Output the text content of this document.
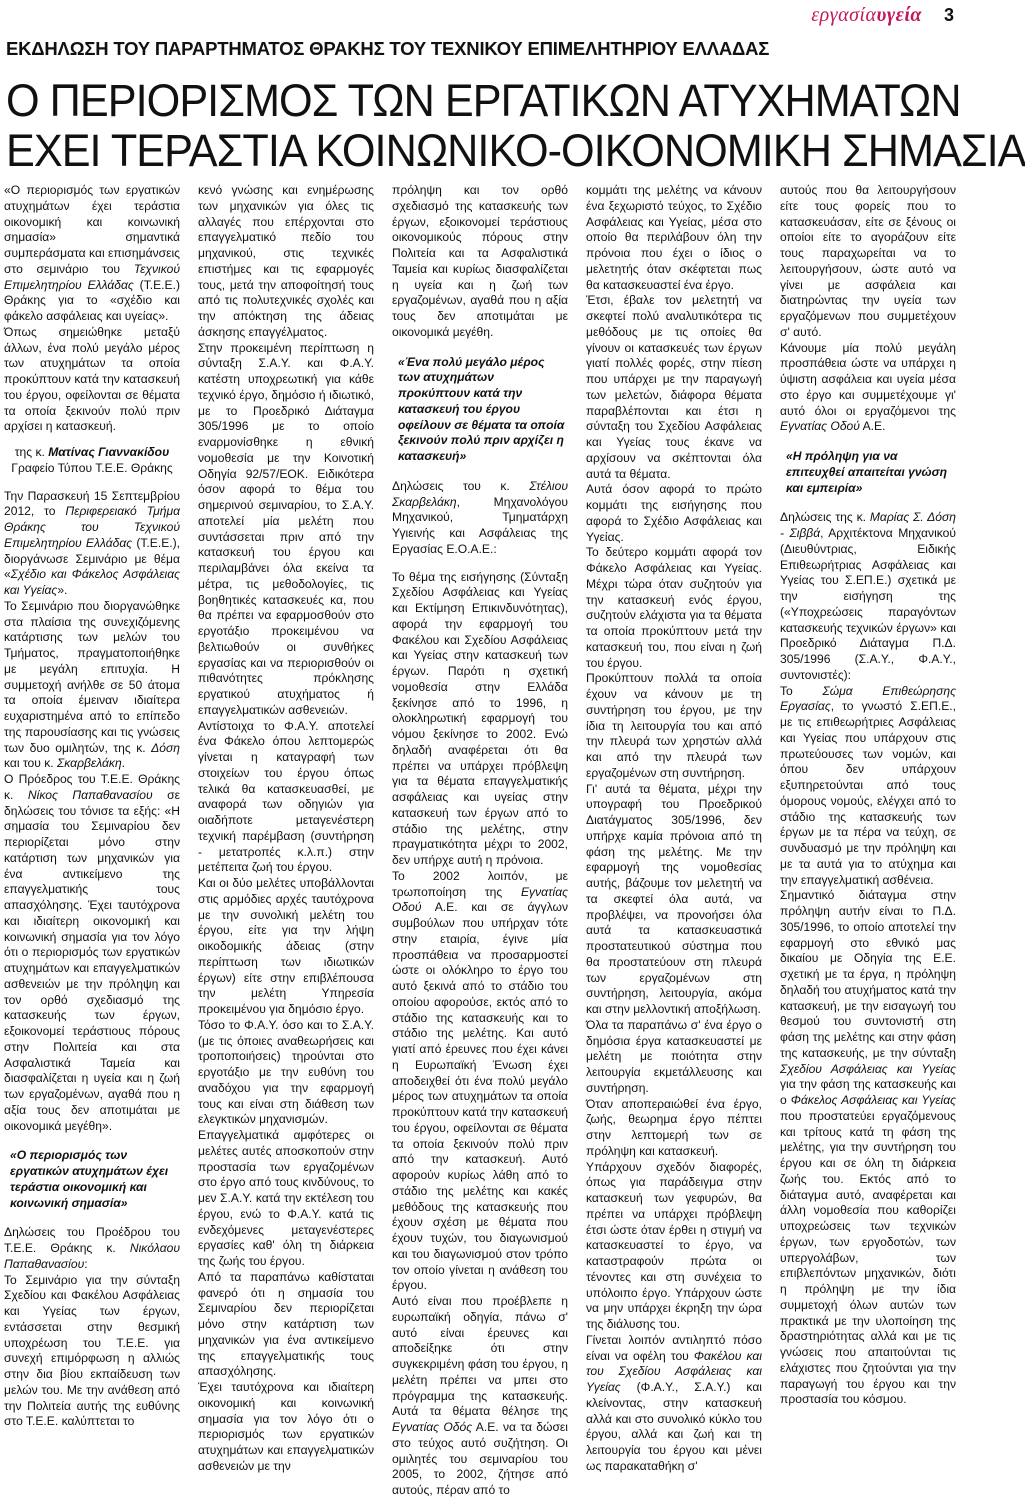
εργασίαυγεία 3
ΕΚΔΗΛΩΣΗ ΤΟΥ ΠΑΡΑΡΤΗΜΑΤΟΣ ΘΡΑΚΗΣ ΤΟΥ ΤΕΧΝΙΚΟΥ ΕΠΙΜΕΛΗΤΗΡΙΟΥ ΕΛΛΑΔΑΣ
Ο ΠΕΡΙΟΡΙΣΜΟΣ ΤΩΝ ΕΡΓΑΤΙΚΩΝ ΑΤΥΧΗΜΑΤΩΝ
ΕΧΕΙ ΤΕΡΑΣΤΙΑ ΚΟΙΝΩΝΙΚΟ-ΟΙΚΟΝΟΜΙΚΗ ΣΗΜΑΣΙΑ

«Ο περιορισμός των εργατικών ατυχημάτων έχει τεράστια οικονομική και κοινωνική σημασία» σημαντικά συμπεράσματα και επισημάνσεις στο σεμινάριο του Τεχνικού Επιμελητηρίου Ελλάδας (Τ.Ε.Ε.) Θράκης για το «σχέδιο και φάκελο ασφάλειας και υγείας».

Όπως σημειώθηκε μεταξύ άλλων, ένα πολύ μεγάλο μέρος των ατυχημάτων τα οποία προκύπτουν κατά την κατασκευή του έργου, οφείλονται σε θέματα τα οποία ξεκινούν πολύ πριν αρχίσει η κατασκευή.

της κ. Ματίνας Γιαννακίδου
Γραφείο Τύπου Τ.Ε.Ε. Θράκης

Την Παρασκευή 15 Σεπτεμβρίου 2012, το Περιφερειακό Τμήμα Θράκης του Τεχνικού Επιμελητηρίου Ελλάδας (Τ.Ε.Ε.), διοργάνωσε Σεμινάριο με θέμα «Σχέδιο και Φάκελος Ασφάλειας και Υγείας».

Το Σεμινάριο που διοργανώθηκε στα πλαίσια της συνεχιζόμενης κατάρτισης των μελών του Τμήματος, πραγματοποιήθηκε με μεγάλη επιτυχία. Η συμμετοχή ανήλθε σε 50 άτομα τα οποία έμειναν ιδιαίτερα ευχαριστημένα από το επίπεδο της παρουσίασης και τις γνώσεις των δυο ομιλητών, της κ. Δόση και του κ. Σκαρβελάκη.

Ο Πρόεδρος του Τ.Ε.Ε. Θράκης κ. Νίκος Παπαθανασίου σε δηλώσεις του τόνισε τα εξής: «Η σημασία του Σεμιναρίου δεν περιορίζεται μόνο στην κατάρτιση των μηχανικών για ένα αντικείμενο της επαγγελματικής τους απασχόλησης. Έχει ταυτόχρονα και ιδιαίτερη οικονομική και κοινωνική σημασία για τον λόγο ότι ο περιορισμός των εργατικών ατυχημάτων και επαγγελματικών ασθενειών με την πρόληψη και τον ορθό σχεδιασμό της κατασκευής των έργων, εξοικονομεί τεράστιους πόρους στην Πολιτεία και στα Ασφαλιστικά Ταμεία και διασφαλίζεται η υγεία και η ζωή των εργαζομένων, αγαθά που η αξία τους δεν αποτιμάται με οικονομικά μεγέθη».

«Ο περιορισμός των εργατικών ατυχημάτων έχει τεράστια οικονομική και κοινωνική σημασία»

Δηλώσεις του Προέδρου του Τ.Ε.Ε. Θράκης κ. Νικόλαου Παπαθανασίου:

Το Σεμινάριο για την σύνταξη Σχεδίου και Φακέλου Ασφάλειας και Υγείας των έργων, εντάσσεται στην θεσμική υποχρέωση του Τ.Ε.Ε. για συνεχή επιμόρφωση η αλλιώς στην δια βίου εκπαίδευση των μελών του. Με την ανάθεση από την Πολιτεία αυτής της ευθύνης στο Τ.Ε.Ε. καλύπτεται το

κενό γνώσης και ενημέρωσης των μηχανικών για όλες τις αλλαγές που επέρχονται στο επαγγελματικό πεδίο του μηχανικού, στις τεχνικές επιστήμες και τις εφαρμογές τους, μετά την αποφοίτησή τους από τις πολυτεχνικές σχολές και την απόκτηση της άδειας άσκησης επαγγέλματος.

Στην προκειμένη περίπτωση η σύνταξη Σ.Α.Υ. και Φ.Α.Υ. κατέστη υποχρεωτική για κάθε τεχνικό έργο, δημόσιο ή ιδιωτικό, με το Προεδρικό Διάταγμα 305/1996 με το οποίο εναρμονίσθηκε η εθνική νομοθεσία με την Κοινοτική Οδηγία 92/57/ΕΟΚ. Ειδικότερα όσον αφορά το θέμα του σημερινού σεμιναρίου, το Σ.Α.Υ. αποτελεί μία μελέτη που συντάσσεται πριν από την κατασκευή του έργου και περιλαμβάνει όλα εκείνα τα μέτρα, τις μεθοδολογίες, τις βοηθητικές κατασκευές κα, που θα πρέπει να εφαρμοσθούν στο εργοτάξιο προκειμένου να βελτιωθούν οι συνθήκες εργασίας και να περιορισθούν οι πιθανότητες πρόκλησης εργατικού ατυχήματος ή επαγγελματικών ασθενειών.

Αντίστοιχα το Φ.Α.Υ. αποτελεί ένα Φάκελο όπου λεπτομερώς γίνεται η καταγραφή των στοιχείων του έργου όπως τελικά θα κατασκευασθεί, με αναφορά των οδηγιών για οιαδήποτε μεταγενέστερη τεχνική παρέμβαση (συντήρηση - μετατροπές κ.λ.π.) στην μετέπειτα ζωή του έργου.

Και οι δύο μελέτες υποβάλλονται στις αρμόδιες αρχές ταυτόχρονα με την συνολική μελέτη του έργου, είτε για την λήψη οικοδομικής άδειας (στην περίπτωση των ιδιωτικών έργων) είτε στην επιβλέπουσα την μελέτη Υπηρεσία προκειμένου για δημόσιο έργο.

Τόσο το Φ.Α.Υ. όσο και το Σ.Α.Υ. (με τις όποιες αναθεωρήσεις και τροποποιήσεις) τηρούνται στο εργοτάξιο με την ευθύνη του αναδόχου για την εφαρμογή τους και είναι στη διάθεση των ελεγκτικών μηχανισμών.

Επαγγελματικά αμφότερες οι μελέτες αυτές αποσκοπούν στην προστασία των εργαζομένων στο έργο από τους κινδύνους, το μεν Σ.Α.Υ. κατά την εκτέλεση του έργου, ενώ το Φ.Α.Υ. κατά τις ενδεχόμενες μεταγενέστερες εργασίες καθ' όλη τη διάρκεια της ζωής του έργου.

Από τα παραπάνω καθίσταται φανερό ότι η σημασία του Σεμιναρίου δεν περιορίζεται μόνο στην κατάρτιση των μηχανικών για ένα αντικείμενο της επαγγελματικής τους απασχόλησης.

Έχει ταυτόχρονα και ιδιαίτερη οικονομική και κοινωνική σημασία για τον λόγο ότι ο περιορισμός των εργατικών ατυχημάτων και επαγγελματικών ασθενειών με την

πρόληψη και τον ορθό σχεδιασμό της κατασκευής των έργων, εξοικονομεί τεράστιους οικονομικούς πόρους στην Πολιτεία και τα Ασφαλιστικά Ταμεία και κυρίως διασφαλίζεται η υγεία και η ζωή των εργαζομένων, αγαθά που η αξία τους δεν αποτιμάται με οικονομικά μεγέθη.

«Ένα πολύ μεγάλο μέρος των ατυχημάτων προκύπτουν κατά την κατασκευή του έργου οφείλουν σε θέματα τα οποία ξεκινούν πολύ πριν αρχίζει η κατασκευή»

Δηλώσεις του κ. Στέλιου Σκαρβελάκη, Μηχανολόγου Μηχανικού, Τμηματάρχη Υγιεινής και Ασφάλειας της Εργασίας Ε.Ο.Α.Ε.:

Το θέμα της εισήγησης (Σύνταξη Σχεδίου Ασφάλειας και Υγείας και Εκτίμηση Επικινδυνότητας), αφορά την εφαρμογή του Φακέλου και Σχεδίου Ασφάλειας και Υγείας στην κατασκευή των έργων. Παρότι η σχετική νομοθεσία στην Ελλάδα ξεκίνησε από το 1996, η ολοκληρωτική εφαρμογή του νόμου ξεκίνησε το 2002. Ενώ δηλαδή αναφέρεται ότι θα πρέπει να υπάρχει πρόβλεψη για τα θέματα επαγγελματικής ασφάλειας και υγείας στην κατασκευή των έργων από το στάδιο της μελέτης, στην πραγματικότητα μέχρι το 2002, δεν υπήρχε αυτή η πρόνοια.

Το 2002 λοιπόν, με τρωποποίηση της Εγνατίας Οδού Α.Ε. και σε άγγλων συμβούλων που υπήρχαν τότε στην εταιρία, έγινε μία προσπάθεια να προσαρμοστεί ώστε οι ολόκληρο το έργο του αυτό ξεκινά από το στάδιο του οποίου αφορούσε, εκτός από το στάδιο της κατασκευής και το στάδιο της μελέτης. Και αυτό γιατί από έρευνες που έχει κάνει η Ευρωπαϊκή Ένωση έχει αποδειχθεί ότι ένα πολύ μεγάλο μέρος των ατυχημάτων τα οποία προκύπτουν κατά την κατασκευή του έργου, οφείλονται σε θέματα τα οποία ξεκινούν πολύ πριν από την κατασκευή. Αυτό αφορούν κυρίως λάθη από το στάδιο της μελέτης και κακές μεθόδους της κατασκευής που έχουν σχέση με θέματα που έχουν τυχών, του διαγωνισμού και του διαγωνισμού στον τρόπο τον οποίο γίνεται η ανάθεση του έργου.

Αυτό είναι που προέβλεπε η ευρωπαϊκή οδηγία, πάνω σ' αυτό είναι έρευνες και αποδείξηκε ότι στην συγκεκριμένη φάση του έργου, η μελέτη πρέπει να μπει στο πρόγραμμα της κατασκευής. Αυτά τα θέματα θέλησε της Εγνατίας Οδός Α.Ε. να τα δώσει στο τεύχος αυτό συζήτηση. Οι ομιλητές του σεμιναρίου του 2005, το 2002, ζήτησε από αυτούς, πέραν από το

κομμάτι της μελέτης να κάνουν ένα ξεχωριστό τεύχος, το Σχέδιο Ασφάλειας και Υγείας, μέσα στο οποίο θα περιλάβουν όλη την πρόνοια που έχει ο ίδιος ο μελετητής όταν σκέφτεται πως θα κατασκευαστεί ένα έργο.

Έτσι, έβαλε τον μελετητή να σκεφτεί πολύ αναλυτικότερα τις μεθόδους με τις οποίες θα γίνουν οι κατασκευές των έργων γιατί πολλές φορές, στην πίεση που υπάρχει με την παραγωγή των μελετών, διάφορα θέματα παραβλέπονται και έτσι η σύνταξη του Σχεδίου Ασφάλειας και Υγείας τους έκανε να αρχίσουν να σκέπτονται όλα αυτά τα θέματα.

Αυτά όσον αφορά το πρώτο κομμάτι της εισήγησης που αφορά το Σχέδιο Ασφάλειας και Υγείας.

Το δεύτερο κομμάτι αφορά τον Φάκελο Ασφάλειας και Υγείας. Μέχρι τώρα όταν συζητούν για την κατασκευή ενός έργου, συζητούν ελάχιστα για τα θέματα τα οποία προκύπτουν μετά την κατασκευή του, που είναι η ζωή του έργου.

Προκύπτουν πολλά τα οποία έχουν να κάνουν με τη συντήρηση του έργου, με την ίδια τη λειτουργία του και από την πλευρά των χρηστών αλλά και από την πλευρά των εργαζομένων στη συντήρηση.

Γι' αυτά τα θέματα, μέχρι την υπογραφή του Προεδρικού Διατάγματος 305/1996, δεν υπήρχε καμία πρόνοια από τη φάση της μελέτης. Με την εφαρμογή της νομοθεσίας αυτής, βάζουμε τον μελετητή να τα σκεφτεί όλα αυτά, να προβλέψει, να προνοήσει όλα αυτά τα κατασκευαστικά προστατευτικού σύστημα που θα προστατεύουν στη πλευρά των εργαζομένων στη συντήρηση, λειτουργία, ακόμα και στην μελλοντική αποξήλωση.

Όλα τα παραπάνω σ' ένα έργο ο δημόσια έργα κατασκευαστεί με μελέτη με ποιότητα στην λειτουργία εκμετάλλευσης και συντήρηση.

Όταν αποπεραιώθεί ένα έργο, ζωής, θεωρημα έργο πέπτει στην λεπτομερή των σε πρόληψη και κατασκευή.

Υπάρχουν σχεδόν διαφορές, όπως για παράδειγμα στην κατασκευή των γεφυρών, θα πρέπει να υπάρχει πρόβλεψη έτσι ώστε όταν έρθει η στιγμή να κατασκευαστεί το έργο, να καταστραφούν πρώτα οι τένοντες και στη συνέχεια το υπόλοιπο έργο. Υπάρχουν ώστε να μην υπάρχει έκρηξη την ώρα της διάλυσης του.

Γίνεται λοιπόν αντιληπτό πόσο είναι να οφέλη του Φακέλου και του Σχεδίου Ασφάλειας και Υγείας (Φ.Α.Υ., Σ.Α.Υ.) και κλείνοντας, στην κατασκευή αλλά και στο συνολικό κύκλο του έργου, αλλά και ζωή και τη λειτουργία του έργου και μένει ως παρακαταθήκη σ'

αυτούς που θα λειτουργήσουν είτε τους φορείς που το κατασκευάσαν, είτε σε ξένους οι οποίοι είτε το αγοράζουν είτε τους παραχωρείται να το λειτουργήσουν, ώστε αυτό να γίνει με ασφάλεια και διατηρώντας την υγεία των εργαζόμενων που συμμετέχουν σ' αυτό.

Κάνουμε μία πολύ μεγάλη προσπάθεια ώστε να υπάρχει η ύψιστη ασφάλεια και υγεία μέσα στο έργο και συμμετέχουμε γι' αυτό όλοι οι εργαζόμενοι της Εγνατίας Οδού Α.Ε.

«Η πρόληψη για να επιτευχθεί απαιτείται γνώση και εμπειρία»

Δηλώσεις της κ. Μαρίας Σ. Δόση - Σιββά, Αρχιτέκτονα Μηχανικού (Διευθύντριας, Ειδικής Επιθεωρήτριας Ασφάλειας και Υγείας του Σ.ΕΠ.Ε.) σχετικά με την εισήγηση της («Υποχρεώσεις παραγόντων κατασκευής τεχνικών έργων» και Προεδρικό Διάταγμα Π.Δ. 305/1996 (Σ.Α.Υ., Φ.Α.Υ., συντονιστές):

Το Σώμα Επιθεώρησης Εργασίας, το γνωστό Σ.ΕΠ.Ε., με τις επιθεωρήτριες Ασφάλειας και Υγείας που υπάρχουν στις πρωτεύουσες των νομών, και όπου δεν υπάρχουν εξυπηρετούνται από τους όμορους νομούς, ελέγχει από το στάδιο της κατασκευής των έργων με τα πέρα να τεύχη, σε συνδυασμό με την πρόληψη και με τα αυτά για το ατύχημα και την επαγγελματική ασθένεια.

Σημαντικό διάταγμα στην πρόληψη αυτήν είναι το Π.Δ. 305/1996, το οποίο αποτελεί την εφαρμογή στο εθνικό μας δικαίου με Οδηγία της Ε.Ε. σχετική με τα έργα, η πρόληψη δηλαδή του ατυχήματος κατά την κατασκευή, με την εισαγωγή του θεσμού του συντονιστή στη φάση της μελέτης και στην φάση της κατασκευής, με την σύνταξη Σχεδίου Ασφάλειας και Υγείας για την φάση της κατασκευής και ο Φάκελος Ασφάλειας και Υγείας που προστατεύει εργαζόμενους και τρίτους κατά τη φάση της μελέτης, για την συντήρηση του έργου και σε όλη τη διάρκεια ζωής του. Εκτός από το διάταγμα αυτό, αναφέρεται και άλλη νομοθεσία που καθορίζει υποχρεώσεις των τεχνικών έργων, των εργοδοτών, των υπεργολάβων, των επιβλεπόντων μηχανικών, διότι η πρόληψη με την ίδια συμμετοχή όλων αυτών των πρακτικά με την υλοποίηση της δραστηριότητας αλλά και με τις γνώσεις που απαιτούνται τις ελάχιστες που ζητούνται για την παραγωγή του έργου και την προστασία του κόσμου.
